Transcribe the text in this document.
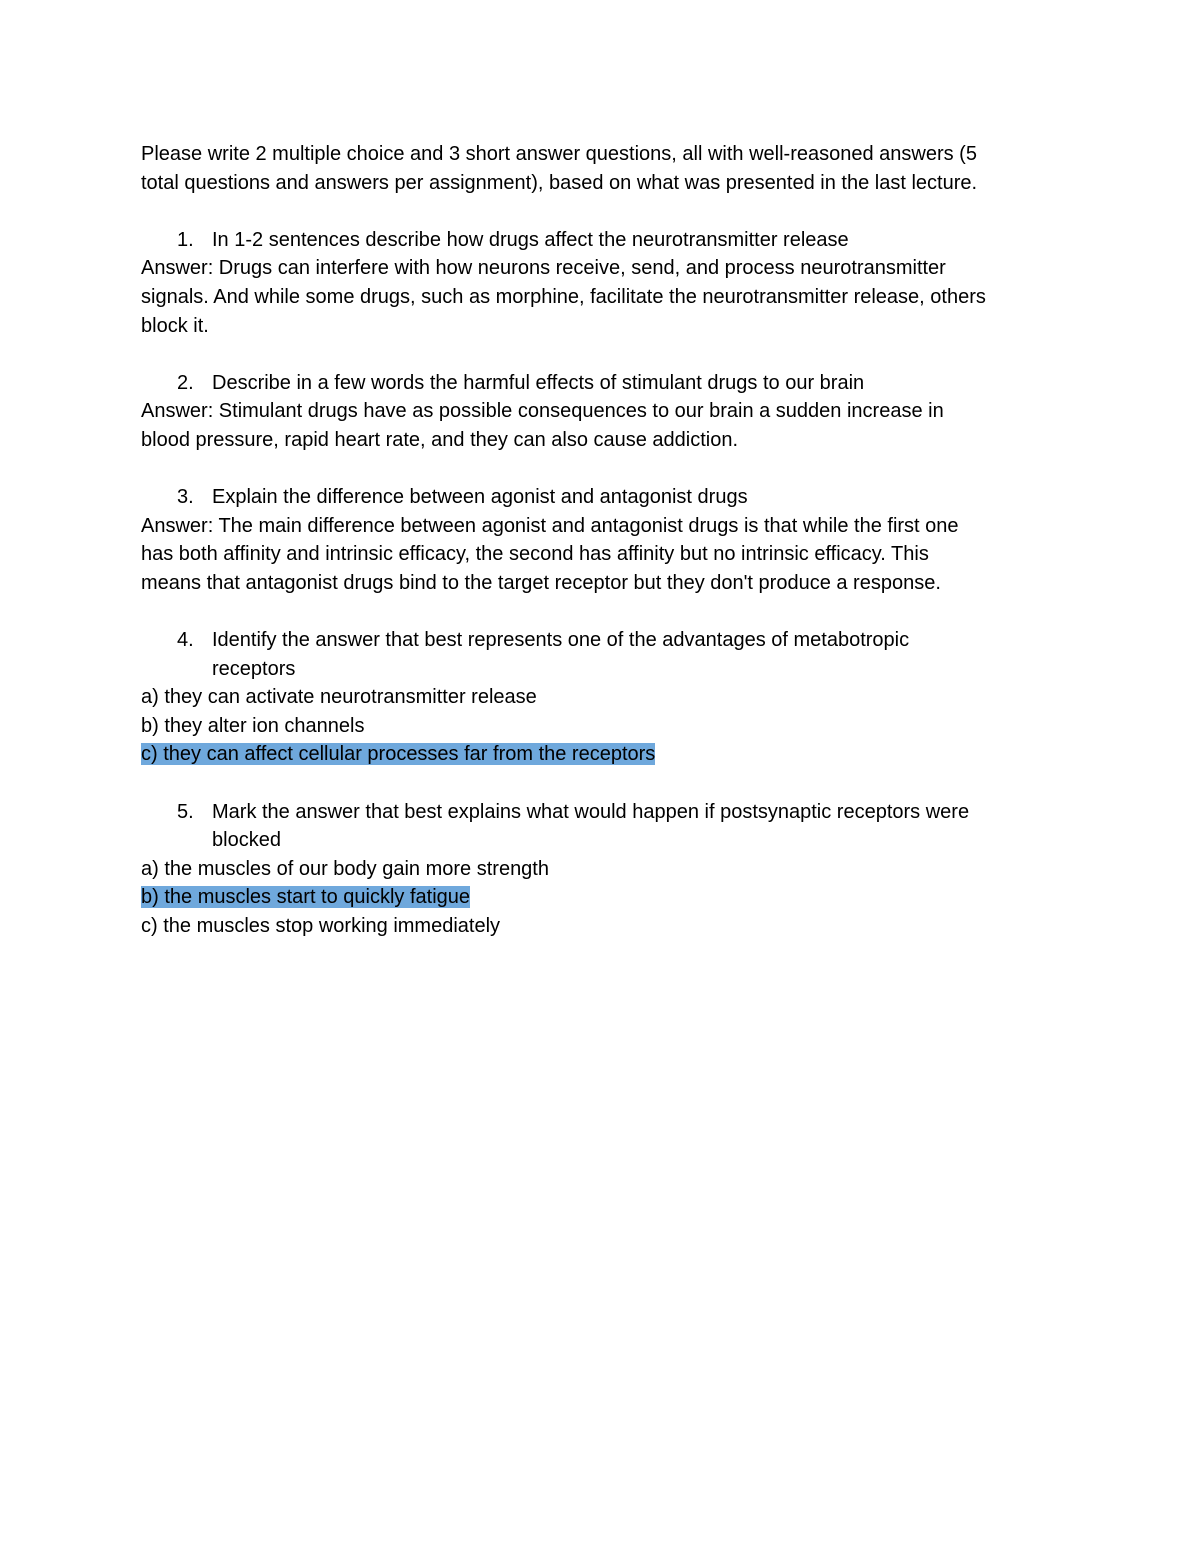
Please write 2 multiple choice and 3 short answer questions, all with well-reasoned answers (5
total questions and answers per assignment), based on what was presented in the last lecture.
1. In 1-2 sentences describe how drugs affect the neurotransmitter release
Answer: Drugs can interfere with how neurons receive, send, and process neurotransmitter
signals. And while some drugs, such as morphine, facilitate the neurotransmitter release, others
block it.
2. Describe in a few words the harmful effects of stimulant drugs to our brain
Answer: Stimulant drugs have as possible consequences to our brain a sudden increase in
blood pressure, rapid heart rate, and they can also cause addiction.
3. Explain the difference between agonist and antagonist drugs
Answer: The main difference between agonist and antagonist drugs is that while the first one
has both affinity and intrinsic efficacy, the second has affinity but no intrinsic efficacy. This
means that antagonist drugs bind to the target receptor but they don't produce a response.
4. Identify the answer that best represents one of the advantages of metabotropic
receptors
a) they can activate neurotransmitter release
b) they alter ion channels
c) they can affect cellular processes far from the receptors
5. Mark the answer that best explains what would happen if postsynaptic receptors were
blocked
a) the muscles of our body gain more strength
b) the muscles start to quickly fatigue
c) the muscles stop working immediately
